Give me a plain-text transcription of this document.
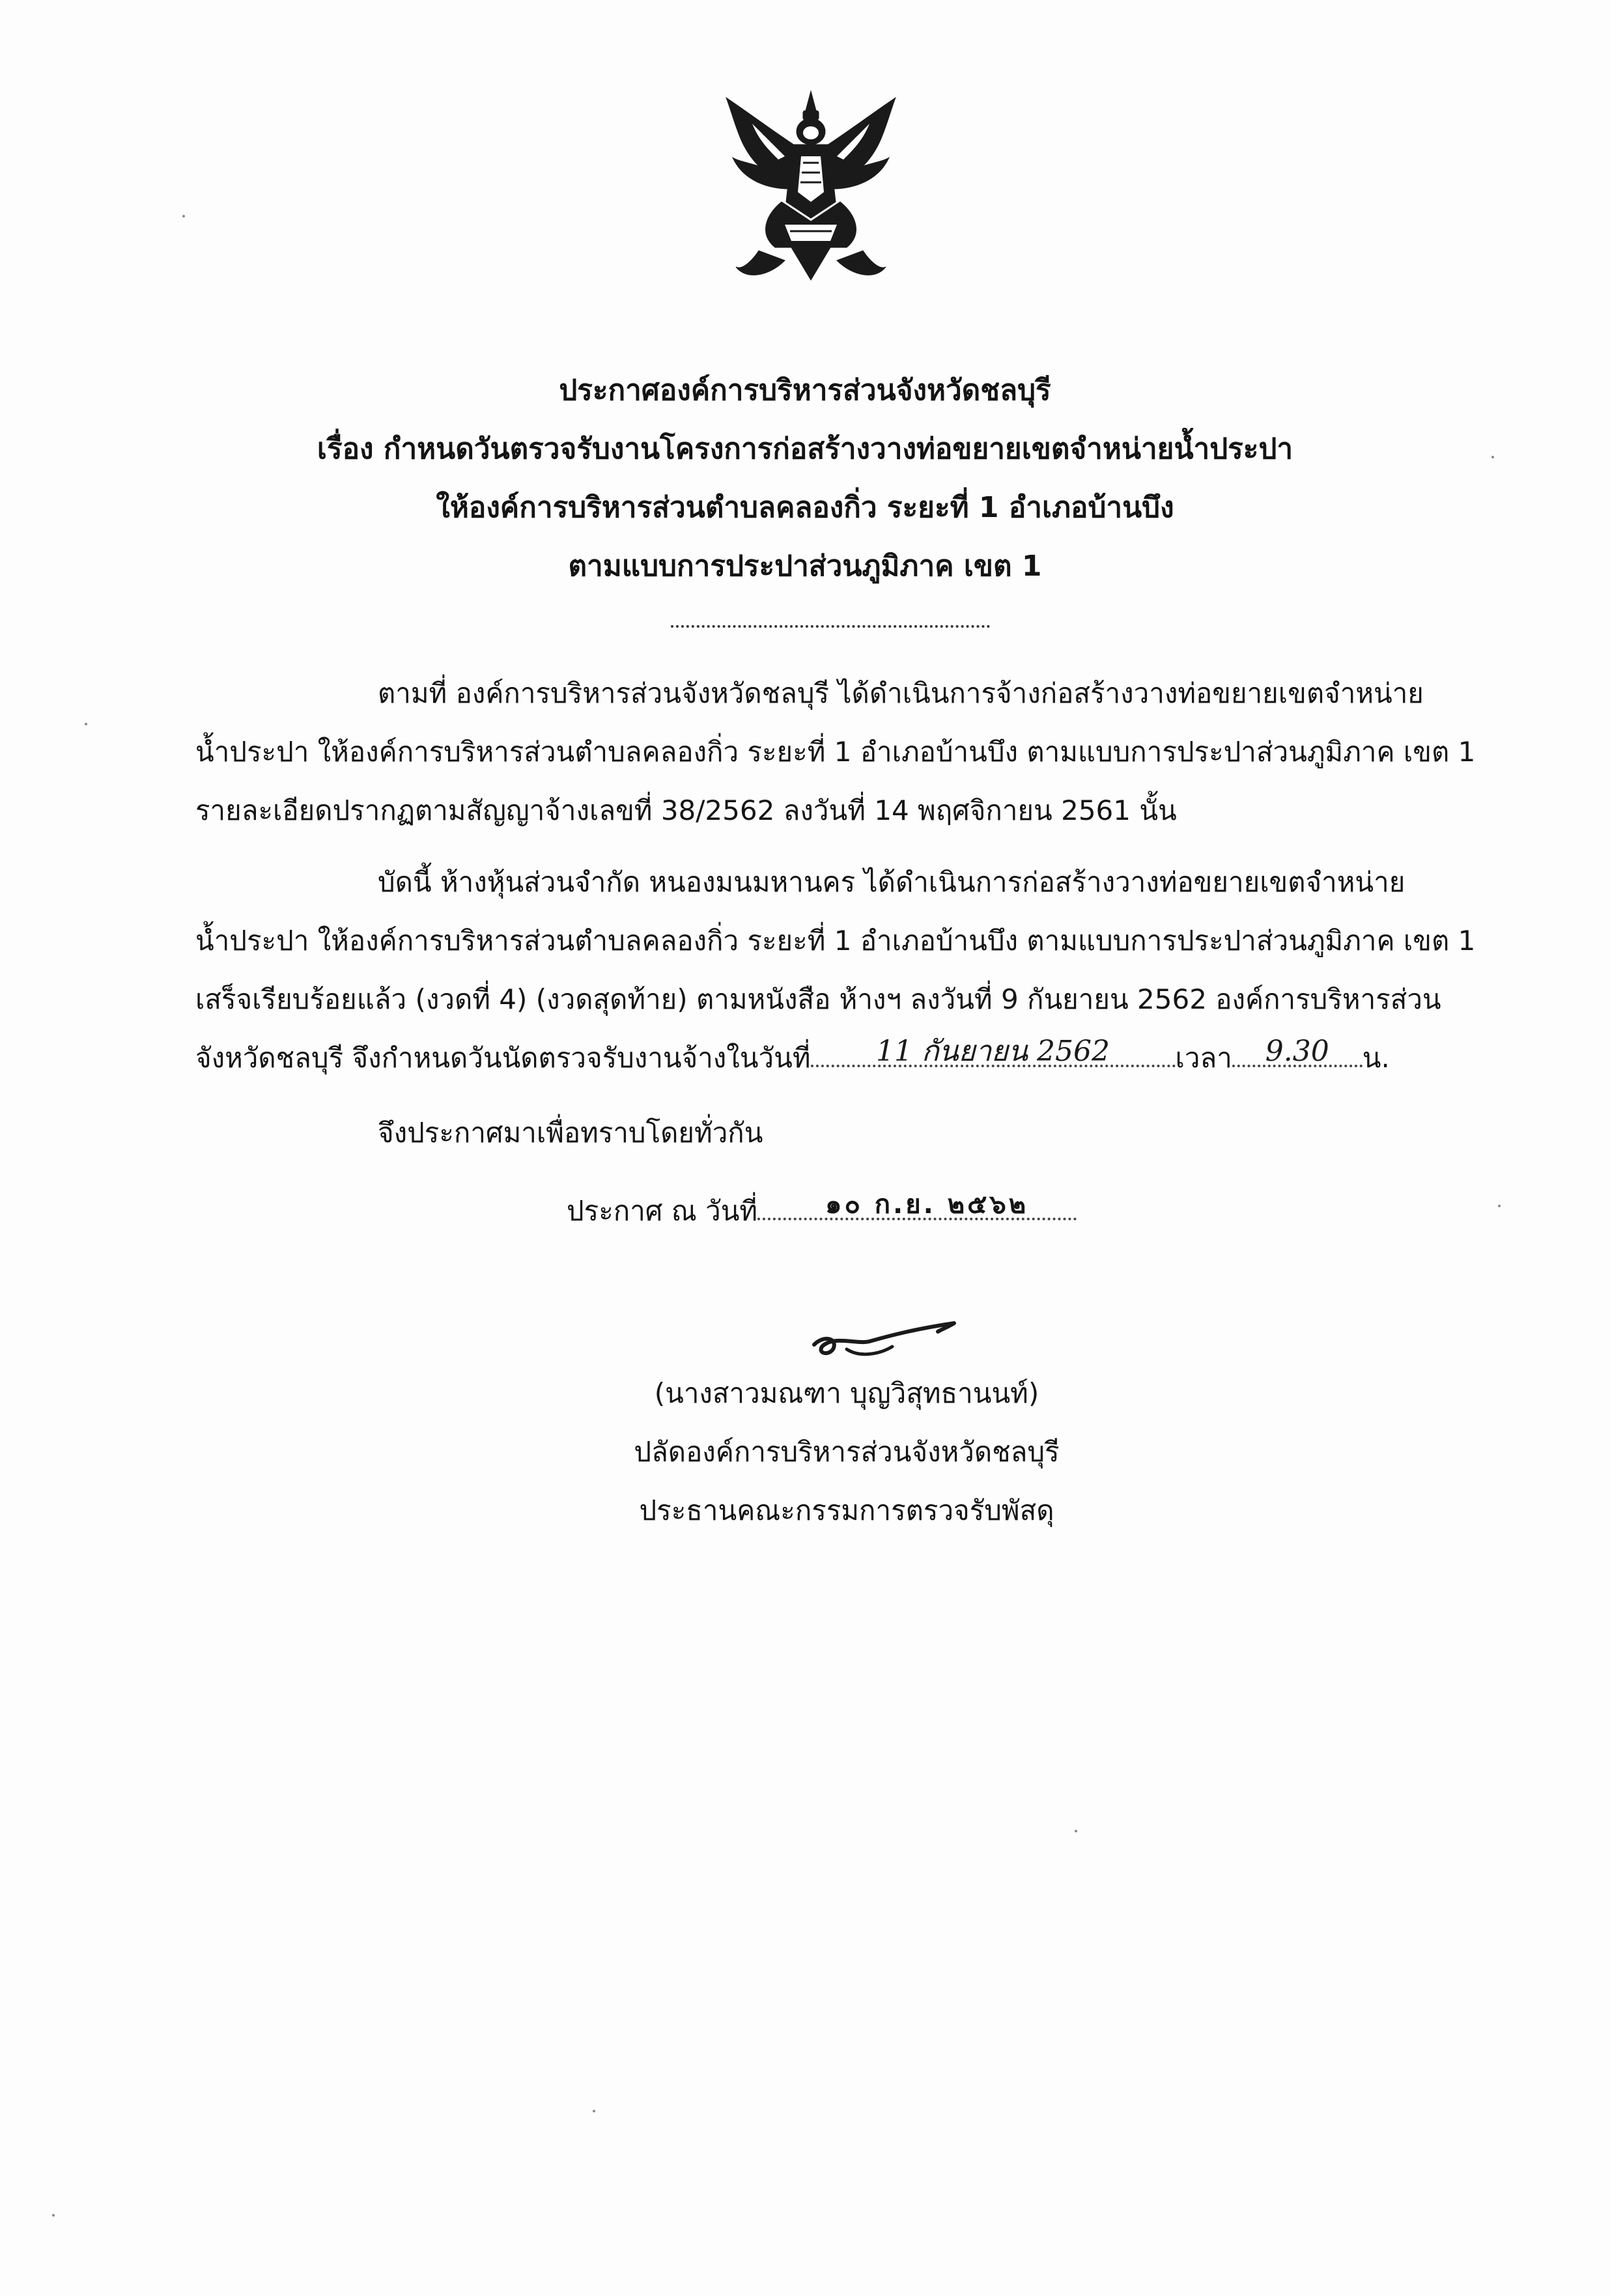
ประกาศองค์การบริหารส่วนจังหวัดชลบุรี
เรื่อง กำหนดวันตรวจรับงานโครงการก่อสร้างวางท่อขยายเขตจำหน่ายน้ำประปา
ให้องค์การบริหารส่วนตำบลคลองกิ่ว ระยะที่ 1 อำเภอบ้านบึง
ตามแบบการประปาส่วนภูมิภาค เขต 1
ตามที่ องค์การบริหารส่วนจังหวัดชลบุรี ได้ดำเนินการจ้างก่อสร้างวางท่อขยายเขตจำหน่าย
น้ำประปา ให้องค์การบริหารส่วนตำบลคลองกิ่ว ระยะที่ 1 อำเภอบ้านบึง ตามแบบการประปาส่วนภูมิภาค เขต 1
รายละเอียดปรากฏตามสัญญาจ้างเลขที่ 38/2562 ลงวันที่ 14 พฤศจิกายน 2561 นั้น
บัดนี้ ห้างหุ้นส่วนจำกัด หนองมนมหานคร ได้ดำเนินการก่อสร้างวางท่อขยายเขตจำหน่าย
น้ำประปา ให้องค์การบริหารส่วนตำบลคลองกิ่ว ระยะที่ 1 อำเภอบ้านบึง ตามแบบการประปาส่วนภูมิภาค เขต 1
เสร็จเรียบร้อยแล้ว (งวดที่ 4) (งวดสุดท้าย) ตามหนังสือ ห้างฯ ลงวันที่ 9 กันยายน 2562 องค์การบริหารส่วน
จังหวัดชลบุรี จึงกำหนดวันนัดตรวจรับงานจ้างในวันที่	11 กันยายน 2562	เวลา	9.30	น.
จึงประกาศมาเพื่อทราบโดยทั่วกัน
ประกาศ ณ วันที่	๑๐ ก.ย. ๒๕๖๒
(นางสาวมณฑา บุญวิสุทธานนท์)
ปลัดองค์การบริหารส่วนจังหวัดชลบุรี
ประธานคณะกรรมการตรวจรับพัสดุ
